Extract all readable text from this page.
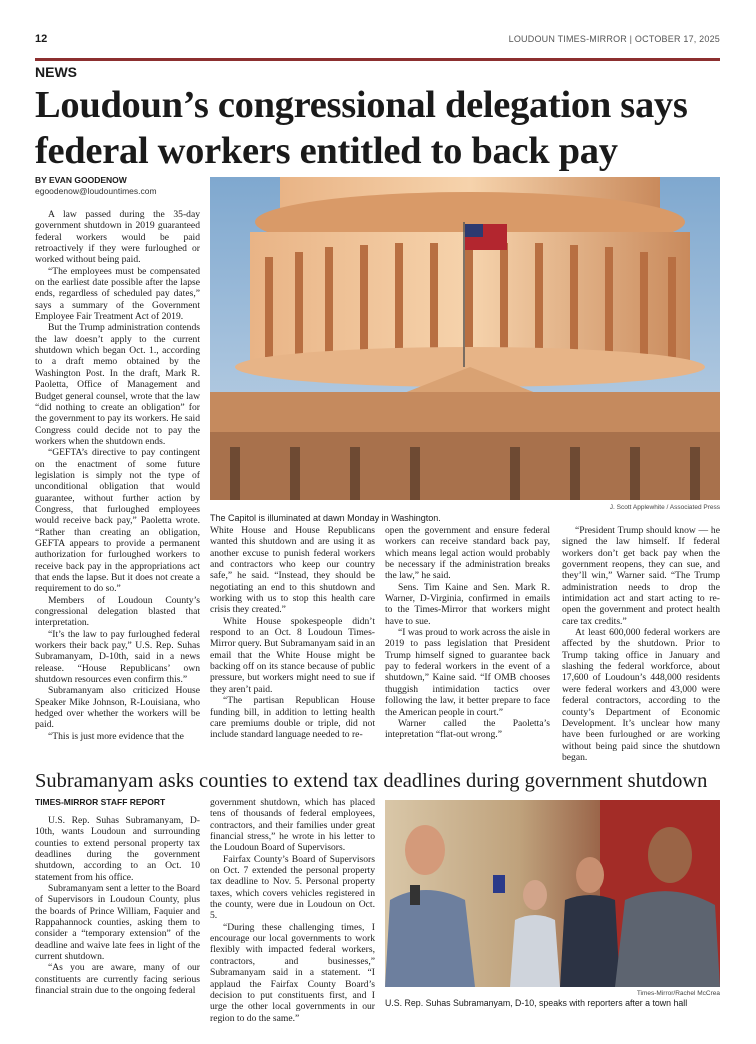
12	LOUDOUN TIMES-MIRROR | OCTOBER 17, 2025
NEWS
Loudoun’s congressional delegation says federal workers entitled to back pay
BY EVAN GOODENOW
egoodenow@loudountimes.com

A law passed during the 35-day government shutdown in 2019 guaranteed federal workers would be paid retroactively if they were furloughed or worked without being paid.

“The employees must be compensated on the earliest date possible after the lapse ends, regardless of scheduled pay dates,” says a summary of the Government Employee Fair Treatment Act of 2019.

But the Trump administration contends the law doesn’t apply to the current shutdown which began Oct. 1., according to a draft memo obtained by the Washington Post. In the draft, Mark R. Paoletta, Office of Management and Budget general counsel, wrote that the law “did nothing to create an obligation” for the government to pay its workers. He said Congress could decide not to pay the workers when the shutdown ends.

“GEFTA’s directive to pay contingent on the enactment of some future legislation is simply not the type of unconditional obligation that would guarantee, without further action by Congress, that furloughed employees would receive back pay,” Paoletta wrote. “Rather than creating an obligation, GEFTA appears to provide a permanent authorization for furloughed workers to receive back pay in the appropriations act that ends the lapse. But it does not create a requirement to do so.”

Members of Loudoun County’s congressional delegation blasted that interpretation.

“It’s the law to pay furloughed federal workers their back pay,” U.S. Rep. Suhas Subramanyam, D-10th, said in a news release. “House Republicans’ own shutdown resources even confirm this.”

Subramanyam also criticized House Speaker Mike Johnson, R-Louisiana, who hedged over whether the workers will be paid.

“This is just more evidence that the

J. Scott Applewhite / Associated Press
The Capitol is illuminated at dawn Monday in Washington.

White House and House Republicans wanted this shutdown and are using it as another excuse to punish federal workers and contractors who keep our country safe,” he said. “Instead, they should be negotiating an end to this shutdown and working with us to stop this health care crisis they created.”

White House spokespeople didn’t respond to an Oct. 8 Loudoun Times-Mirror query. But Subramanyam said in an email that the White House might be backing off on its stance because of public pressure, but workers might need to sue if they aren’t paid.

“The partisan Republican House funding bill, in addition to letting health care premiums double or triple, did not include standard language needed to re-

open the government and ensure federal workers can receive standard back pay, which means legal action would probably be necessary if the administration breaks the law,” he said.

Sens. Tim Kaine and Sen. Mark R. Warner, D-Virginia, confirmed in emails to the Times-Mirror that workers might have to sue.

“I was proud to work across the aisle in 2019 to pass legislation that President Trump himself signed to guarantee back pay to federal workers in the event of a shutdown,” Kaine said. “If OMB chooses thuggish intimidation tactics over following the law, it better prepare to face the American people in court.”

Warner called the Paoletta’s intepretation “flat-out wrong.”

“President Trump should know — he signed the law himself. If federal workers don’t get back pay when the government reopens, they can sue, and they’ll win,” Warner said. “The Trump administration needs to drop the intimidation act and start acting to re-open the government and protect health care tax credits.”

At least 600,000 federal workers are affected by the shutdown. Prior to Trump taking office in January and slashing the federal workforce, about 17,600 of Loudoun’s 448,000 residents were federal workers and 43,000 were federal contractors, according to the county’s Department of Economic Development. It’s unclear how many have been furloughed or are working without being paid since the shutdown began.

Subramanyam asks counties to extend tax deadlines during government shutdown
TIMES-MIRROR STAFF REPORT

U.S. Rep. Suhas Subramanyam, D-10th, wants Loudoun and surrounding counties to extend personal property tax deadlines during the government shutdown, according to an Oct. 10 statement from his office.

Subramanyam sent a letter to the Board of Supervisors in Loudoun County, plus the boards of Prince William, Faquier and Rappahannock counties, asking them to consider a “temporary extension” of the deadline and waive late fees in light of the current shutdown.

“As you are aware, many of our constituents are currently facing serious financial strain due to the ongoing federal

government shutdown, which has placed tens of thousands of federal employees, contractors, and their families under great financial stress,” he wrote in his letter to the Loudoun Board of Supervisors.

Fairfax County’s Board of Supervisors on Oct. 7 extended the personal property tax deadline to Nov. 5. Personal property taxes, which covers vehicles registered in the county, were due in Loudoun on Oct. 5.

“During these challenging times, I encourage our local governments to work flexibly with impacted federal workers, contractors, and businesses,” Subramanyam said in a statement. “I applaud the Fairfax County Board’s decision to put constituents first, and I urge the other local governments in our region to do the same.”

Times-Mirror/Rachel McCrea
U.S. Rep. Suhas Subramanyam, D-10, speaks with reporters after a town hall
